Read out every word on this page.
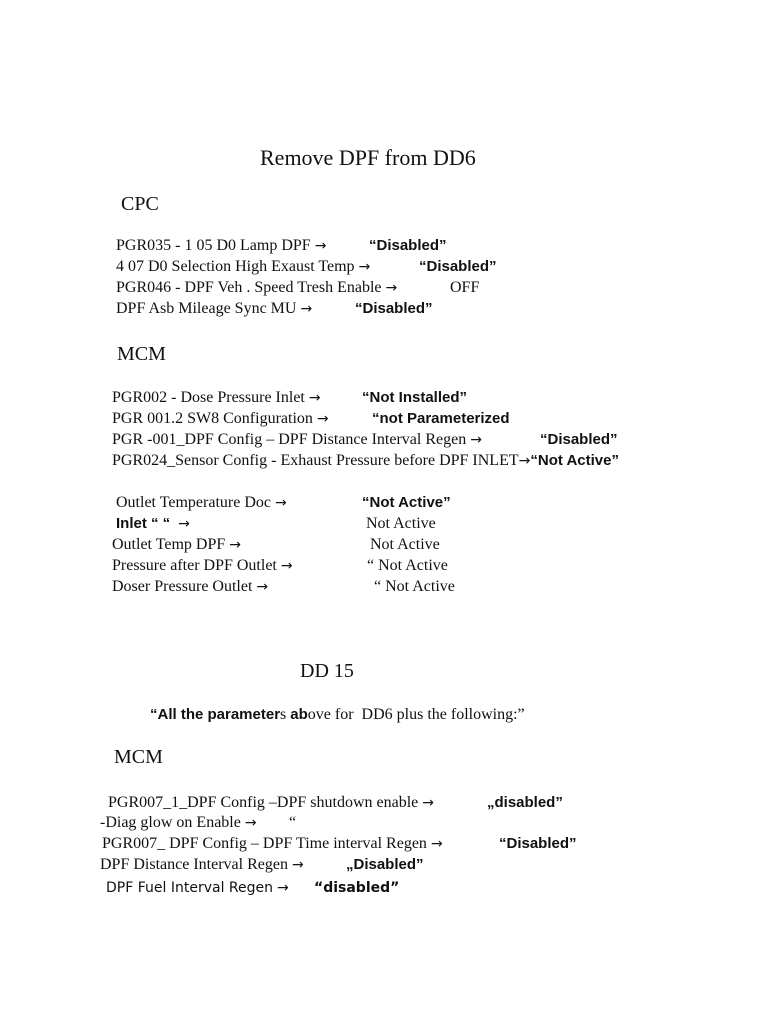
Remove DPF from DD6
CPC
PGR035 - 1 05 D0 Lamp DPF →	“Disabled”
4 07 D0 Selection High Exaust Temp →	“Disabled”
PGR046 - DPF Veh . Speed Tresh Enable →	OFF
DPF Asb Mileage Sync MU →	“Disabled”
MCM
PGR002 - Dose Pressure Inlet →	“Not Installed”
PGR 001.2 SW8 Configuration →	“not Parameterized
PGR -001_DPF Config – DPF Distance Interval Regen →	“Disabled”
PGR024_Sensor Config - Exhaust Pressure before DPF INLET→“Not Active”
Outlet Temperature Doc →	“Not Active”
Inlet “ “ →	Not Active
Outlet Temp DPF →	Not Active
Pressure after DPF Outlet →	“ Not Active
Doser Pressure Outlet →	“ Not Active
DD 15
“All the parameters above for  DD6 plus the following:”
MCM
PGR007_1_DPF Config –DPF shutdown enable →	„disabled”
-Diag glow on Enable → “
PGR007_ DPF Config – DPF Time interval Regen →	“Disabled”
DPF Distance Interval Regen →	„Disabled”
DPF Fuel Interval Regen → “disabled”
